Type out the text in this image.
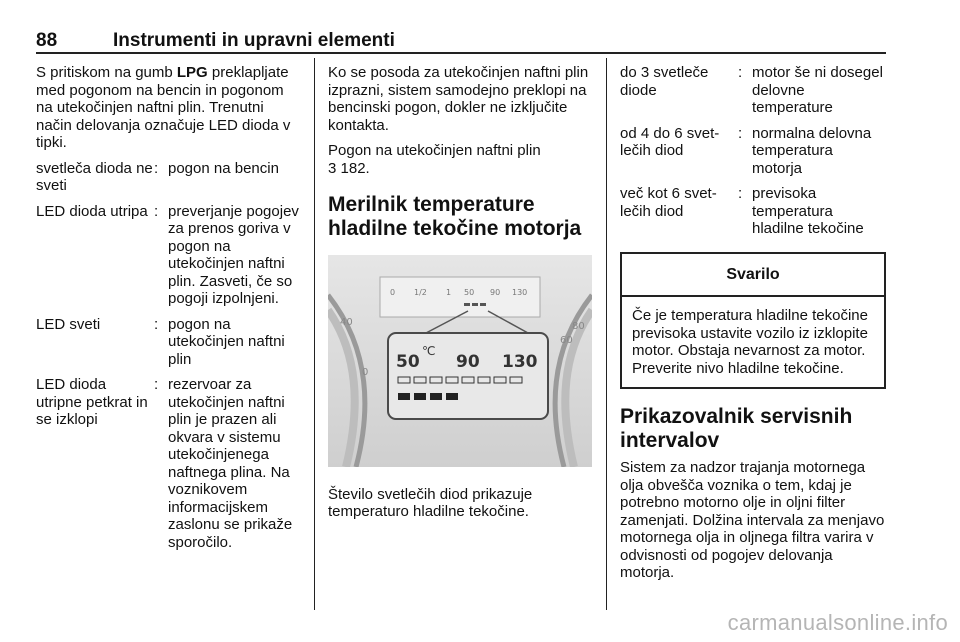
88	Instrumenti in upravni elementi

S pritiskom na gumb LPG preklapljate med pogonom na bencin in pogonom na utekočinjen naftni plin. Trenutni način delovanja označuje LED dioda v tipki.

svetleča dioda ne sveti
: pogon na bencin
LED dioda utripa : preverjanje pogojev za prenos goriva v pogon na utekočinjen naftni plin. Zasveti, če so pogoji izpolnjeni.
LED sveti	: pogon na utekočinjen naftni plin
LED dioda utripne petkrat in se izklopi
: rezervoar za utekočinjen naftni plin je prazen ali okvara v sistemu utekočinjenega naftnega plina. Na voznikovem informacijskem zaslonu se prikaže sporočilo.

Ko se posoda za utekočinjen naftni plin izprazni, sistem samodejno preklopi na bencinski pogon, dokler ne izključite kontakta.

Pogon na utekočinjen naftni plin
3 182.

Merilnik temperature hladilne tekočine motorja
40
0
60
80
0 1/2 1 50 90 130
50
℃
90 130

Število svetlečih diod prikazuje temperaturo hladilne tekočine.

do 3 svetleče diode
: motor še ni dosegel delovne temperature
od 4 do 6 svet-lečih diod
: normalna delovna temperatura motorja
več kot 6 svet-lečih diod
: previsoka temperatura hladilne tekočine
Svarilo
Če je temperatura hladilne tekočine previsoka ustavite vozilo iz izklopite motor. Obstaja nevarnost za motor. Preverite nivo hladilne tekočine.
Prikazovalnik servisnih intervalov

Sistem za nadzor trajanja motornega olja obvešča voznika o tem, kdaj je potrebno motorno olje in oljni filter zamenjati. Dolžina intervala za menjavo motornega olja in oljnega filtra varira v odvisnosti od pogojev delovanja motorja.

carmanualsonline.info
